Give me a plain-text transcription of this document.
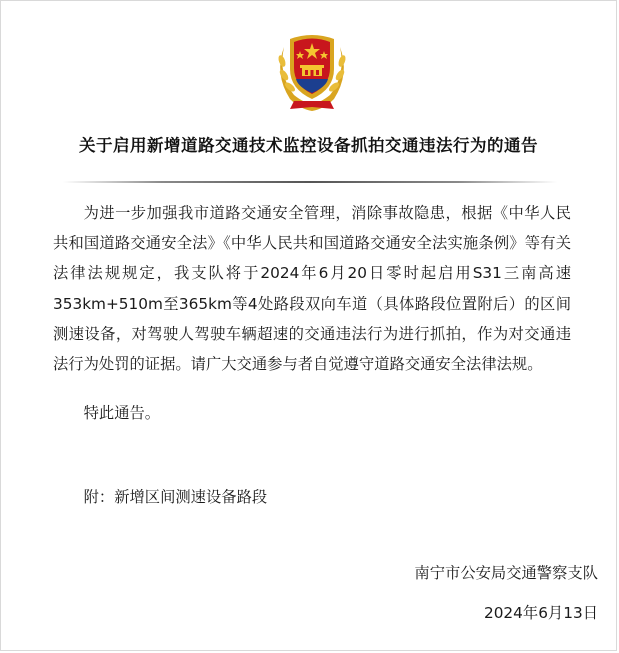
关于启用新增道路交通技术监控设备抓拍交通违法行为的通告

为进一步加强我市道路交通安全管理，消除事故隐患，根据《中华人民共和国道路交通安全法》《中华人民共和国道路交通安全法实施条例》等有关法律法规规定，我支队将于2024年6月20日零时起启用S31三南高速353km+510m至365km等4处路段双向车道（具体路段位置附后）的区间测速设备，对驾驶人驾驶车辆超速的交通违法行为进行抓拍，作为对交通违法行为处罚的证据。请广大交通参与者自觉遵守道路交通安全法律法规。

特此通告。

附：新增区间测速设备路段

南宁市公安局交通警察支队

2024年6月13日
